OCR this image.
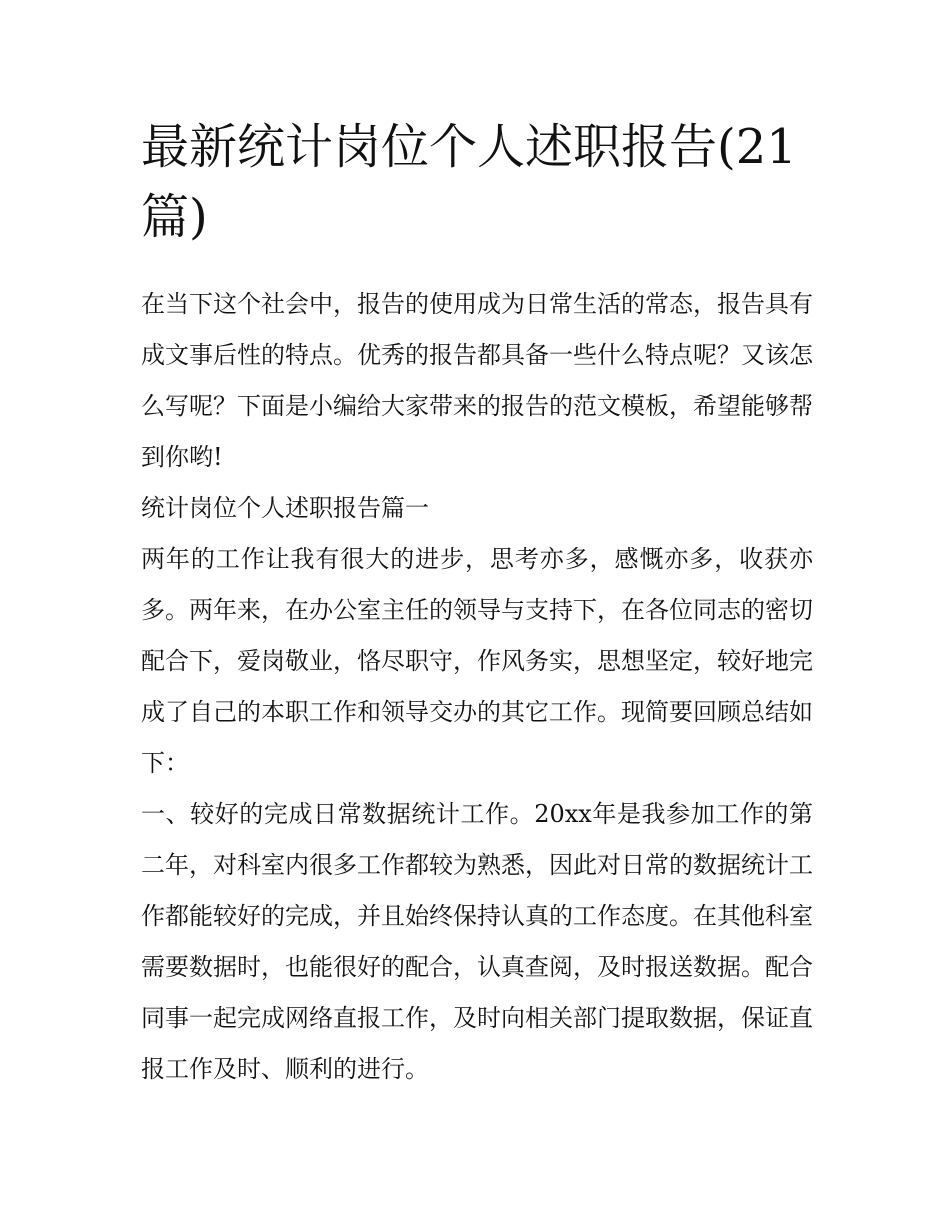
最新统计岗位个人述职报告(21篇)

在当下这个社会中，报告的使用成为日常生活的常态，报告具有成文事后性的特点。优秀的报告都具备一些什么特点呢？又该怎么写呢？下面是小编给大家带来的报告的范文模板，希望能够帮到你哟!

统计岗位个人述职报告篇一

两年的工作让我有很大的进步，思考亦多，感慨亦多，收获亦多。两年来，在办公室主任的领导与支持下，在各位同志的密切配合下，爱岗敬业，恪尽职守，作风务实，思想坚定，较好地完成了自己的本职工作和领导交办的其它工作。现简要回顾总结如下：

一、较好的完成日常数据统计工作。20xx年是我参加工作的第二年，对科室内很多工作都较为熟悉，因此对日常的数据统计工作都能较好的完成，并且始终保持认真的工作态度。在其他科室需要数据时，也能很好的配合，认真查阅，及时报送数据。配合同事一起完成网络直报工作，及时向相关部门提取数据，保证直报工作及时、顺利的进行。
